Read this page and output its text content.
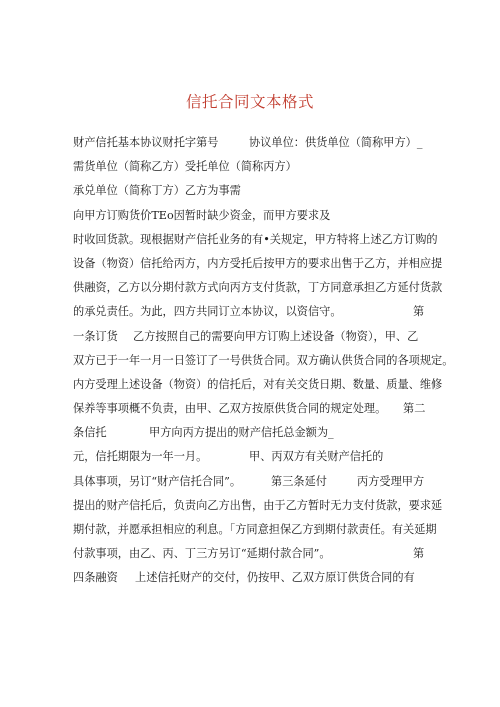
信托合同文本格式
财产信托基本协议财托字第号	协议单位：供货单位（简称甲方）_
需货单位（简称乙方）受托单位（简称丙方）
承兑单位（简称丁方）乙方为事需
向甲方订购货价TEo因暂时缺少资金，而甲方要求及
时收回货款。现根据财产信托业务的有•关规定，甲方特将上述乙方订购的
设备（物资）信托给丙方，内方受托后按甲方的要求出售于乙方，并相应提
供融资，乙方以分期付款方式向丙方支付货款，丁方同意承担乙方延付货款
的承兑责任。为此，四方共同订立本协议，以资信守。	第
一条订货 乙方按照自己的需要向甲方订购上述设备（物资），甲、乙
双方已于一年一月一日签订了一号供货合同。双方确认供货合同的各项规定。
内方受理上述设备（物资）的信托后，对有关交货日期、数量、质量、维修
保养等事项概不负责，由甲、乙双方按原供货合同的规定处理。 第二
条信托	甲方向丙方提出的财产信托总金额为_
元，信托期限为一年一月。	甲、丙双方有关财产信托的
具体事项，另订“财产信托合同”。	第三条延付	丙方受理甲方
提出的财产信托后，负责向乙方出售，由于乙方暂时无力支付货款，要求延
期付款，并愿承担相应的利息。「方同意担保乙方到期付款责任。有关延期
付款事项，由乙、丙、丁三方另订“延期付款合同”。	第
四条融资 上述信托财产的交付，仍按甲、乙双方原订供货合同的有
